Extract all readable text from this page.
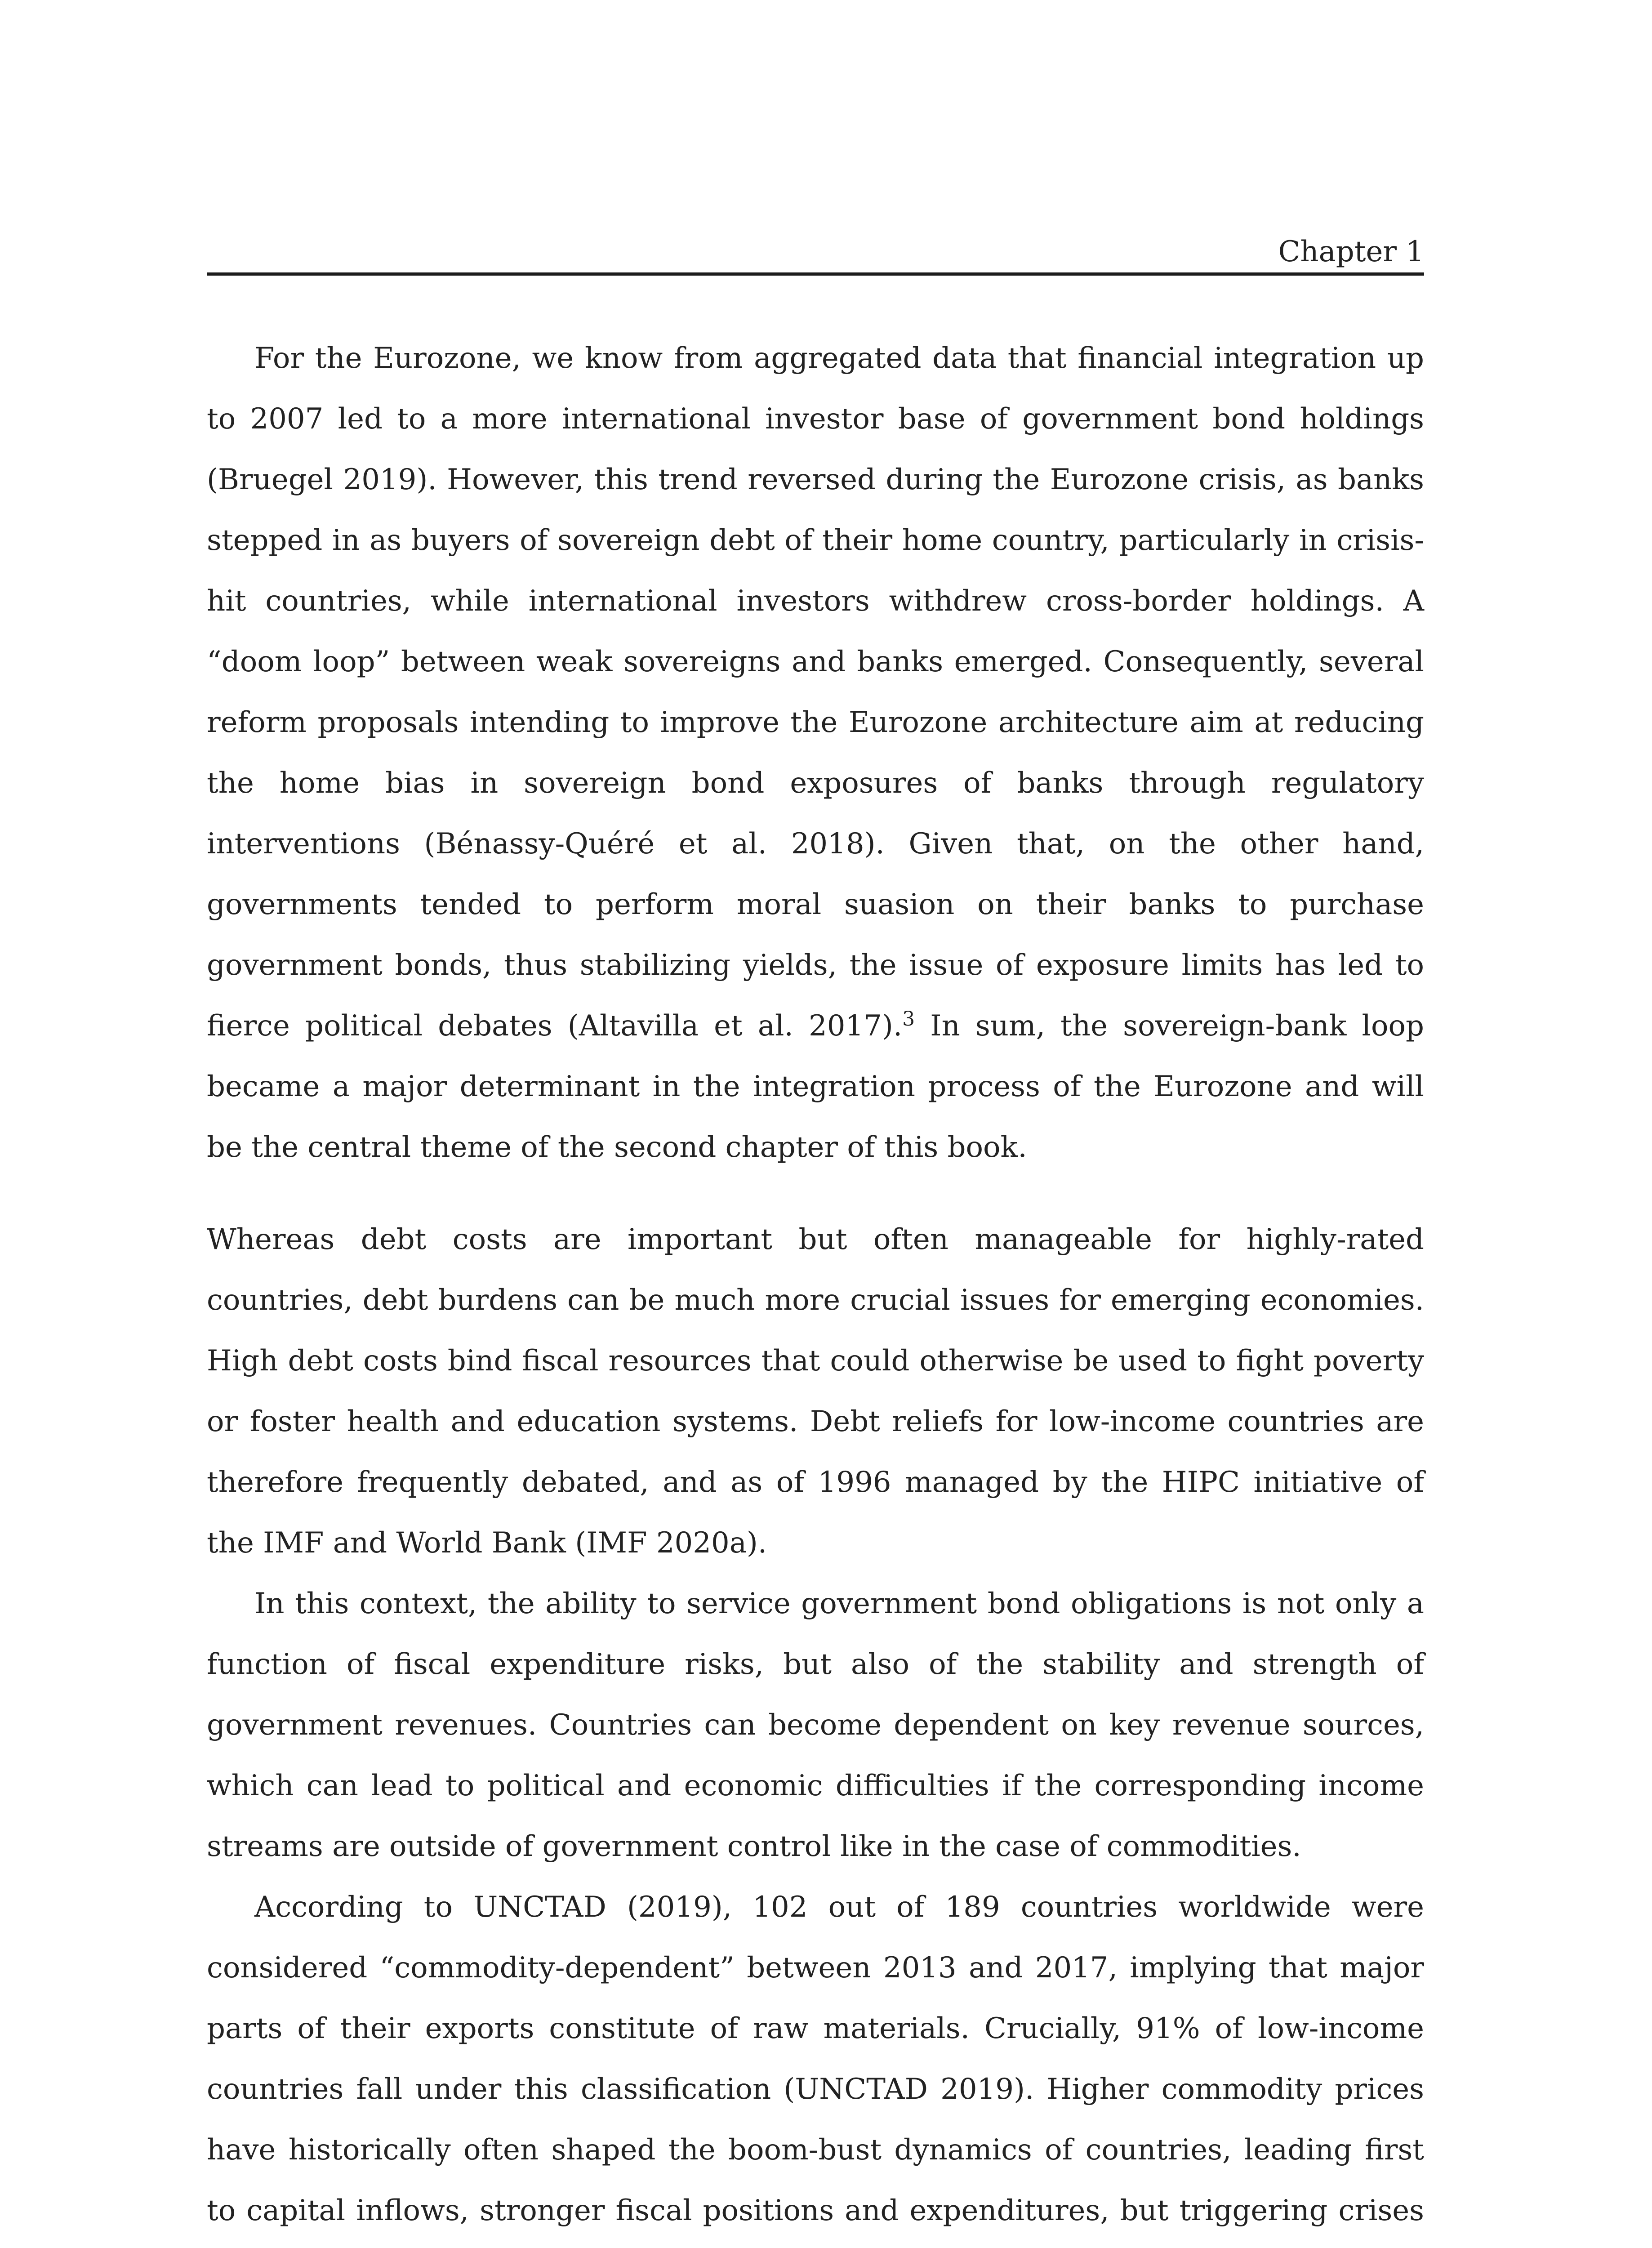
Chapter 1

For the Eurozone, we know from aggregated data that financial integration up to 2007 led to a more international investor base of government bond holdings (Bruegel 2019). However, this trend reversed during the Eurozone crisis, as banks stepped in as buyers of sovereign debt of their home country, particularly in crisis-hit countries, while international investors withdrew cross-border holdings. A “doom loop” between weak sovereigns and banks emerged. Consequently, several reform proposals intending to improve the Eurozone architecture aim at reducing the home bias in sovereign bond exposures of banks through regulatory interventions (Bénassy-Quéré et al. 2018). Given that, on the other hand, governments tended to perform moral suasion on their banks to purchase government bonds, thus stabilizing yields, the issue of exposure limits has led to fierce political debates (Altavilla et al. 2017).$^3$ In sum, the sovereign-bank loop became a major determinant in the integration process of the Eurozone and will be the central theme of the second chapter of this book.

Whereas debt costs are important but often manageable for highly-rated countries, debt burdens can be much more crucial issues for emerging economies. High debt costs bind fiscal resources that could otherwise be used to fight poverty or foster health and education systems. Debt reliefs for low-income countries are therefore frequently debated, and as of 1996 managed by the HIPC initiative of the IMF and World Bank (IMF 2020a).

In this context, the ability to service government bond obligations is not only a function of fiscal expenditure risks, but also of the stability and strength of government revenues. Countries can become dependent on key revenue sources, which can lead to political and economic difficulties if the corresponding income streams are outside of government control like in the case of commodities.

According to UNCTAD (2019), 102 out of 189 countries worldwide were considered “commodity-dependent” between 2013 and 2017, implying that major parts of their exports constitute of raw materials. Crucially, 91% of low-income countries fall under this classification (UNCTAD 2019). Higher commodity prices have historically often shaped the boom-bust dynamics of countries, leading first to capital inflows, stronger fiscal positions and expenditures, but triggering crises
